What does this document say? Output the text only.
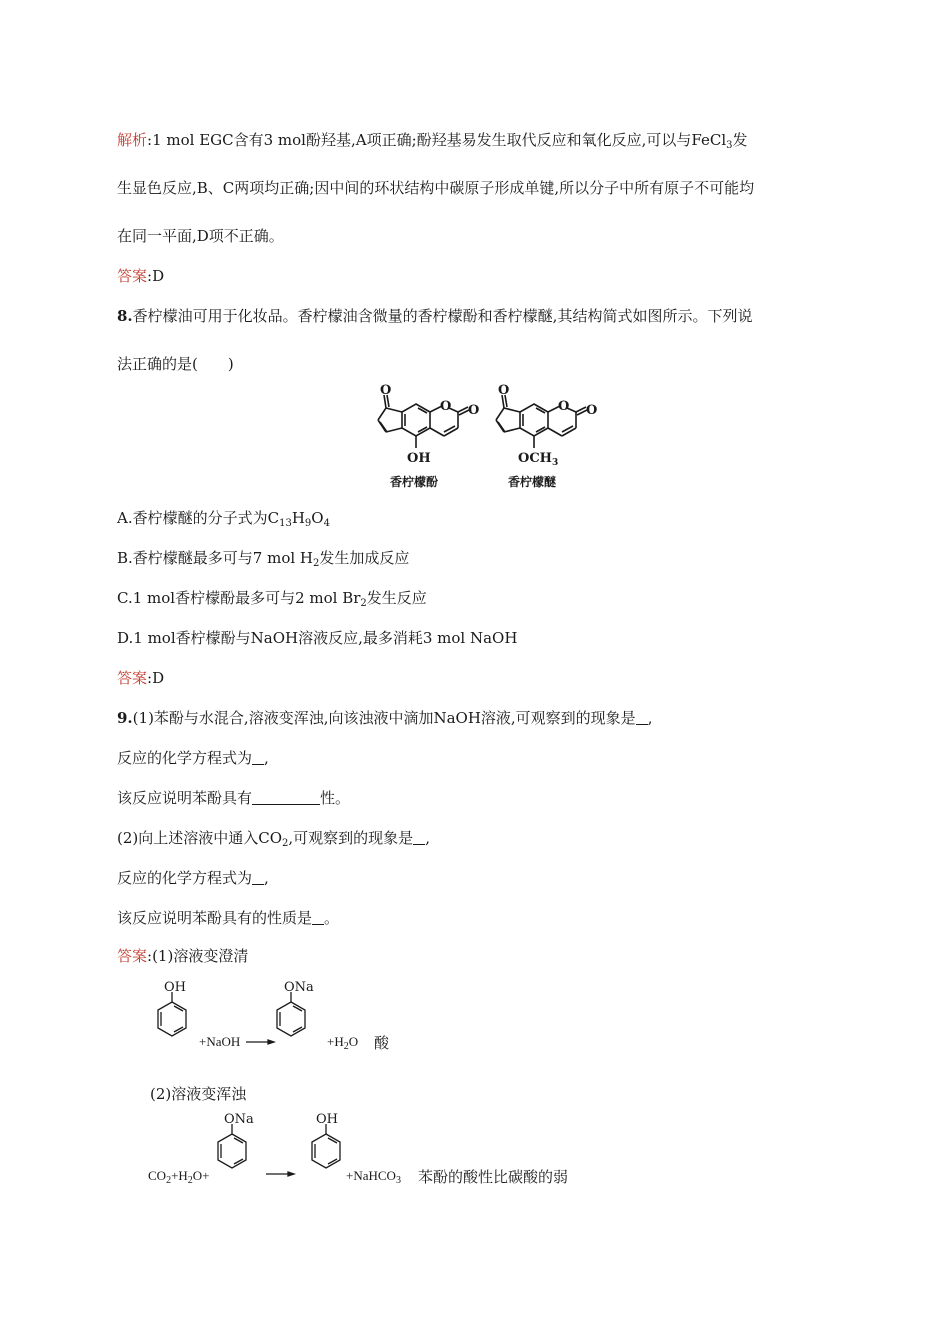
解析:1 mol EGC含有3 mol酚羟基,A项正确;酚羟基易发生取代反应和氧化反应,可以与FeCl$_3$发
生显色反应,B、C两项均正确;因中间的环状结构中碳原子形成单键,所以分子中所有原子不可能均
在同一平面,D项不正确。
答案:D
8.香柠檬油可用于化妆品。香柠檬油含微量的香柠檬酚和香柠檬醚,其结构简式如图所示。下列说
法正确的是(　　)
O
O O
OH
香柠檬酚
O
O O
$OCH_3$
香柠檬醚
A.香柠檬醚的分子式为$C_{13}H_9O_4$
B.香柠檬醚最多可与7 mol $H_2$发生加成反应
C.1 mol香柠檬酚最多可与2 mol $Br_2$发生反应
D.1 mol香柠檬酚与NaOH溶液反应,最多消耗3 mol NaOH
答案:D
9.(1)苯酚与水混合,溶液变浑浊,向该浊液中滴加NaOH溶液,可观察到的现象是 ,
反应的化学方程式为 ,
该反应说明苯酚具有	性。
(2)向上述溶液中通入$CO_2$,可观察到的现象是 ,
反应的化学方程式为 ,
该反应说明苯酚具有的性质是 。
答案:(1)溶液变澄清
OH	ONa
+NaOH	$+H_2O$ 酸
(2)溶液变浑浊
ONa	OH
$CO_2+H_2O+$	+NaHCO$_3$ 苯酚的酸性比碳酸的弱
